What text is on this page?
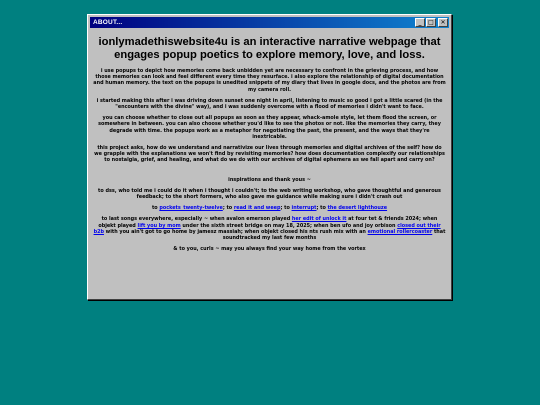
ABOUT...	_	□	✕
ionlymadethiswebsite4u is an interactive narrative webpage that engages popup poetics to explore memory, love, and loss.

i use popups to depict how memories come back unbidden yet are necessary to confront in the grieving process, and how those memories can look and feel different every time they resurface. i also explore the relationship of digital documentation and human memory. the text on the popups is unedited snippets of my diary that lives in google docs, and the photos are from my camera roll.

i started making this after i was driving down sunset one night in april, listening to music so good i got a little scared (in the "encounters with the divine" way), and i was suddenly overcome with a flood of memories i didn't want to face.

you can choose whether to close out all popups as soon as they appear, whack-amole style, let them flood the screen, or somewhere in between. you can also choose whether you'd like to see the photos or not. like the memories they carry, they degrade with time. the popups work as a metaphor for negotiating the past, the present, and the ways that they're inextricable.

this project asks, how do we understand and narrativize our lives through memories and digital archives of the self? how do we grapple with the explanations we won't find by revisiting memories? how does documentation complexify our relationships to nostalgia, grief, and healing, and what do we do with our archives of digital ephemera as we fall apart and carry on?

inspirations and thank yous ~

to dss, who told me i could do it when i thought i couldn't; to the web writing workshop, who gave thoughtful and generous feedback; to the short formers, who also gave me guidance while making sure i didn't crash out

to pockets_twenty-twelve; to read it and weep; to interrupt; to the desert lighthouze

to last songs everywhere, especially ~ when avalon emerson played her edit of unlock it at four tet & friends 2024; when objekt played lift you by mom under the sixth street bridge on may 18, 2025; when ben ufo and joy orbison closed out their b2b with you ain't got to go home by jamesz massiah; when objekt closed his nts rush mix with an emotional rollercoaster that soundtracked my last few months

& to you, curls ~ may you always find your way home from the vortex
